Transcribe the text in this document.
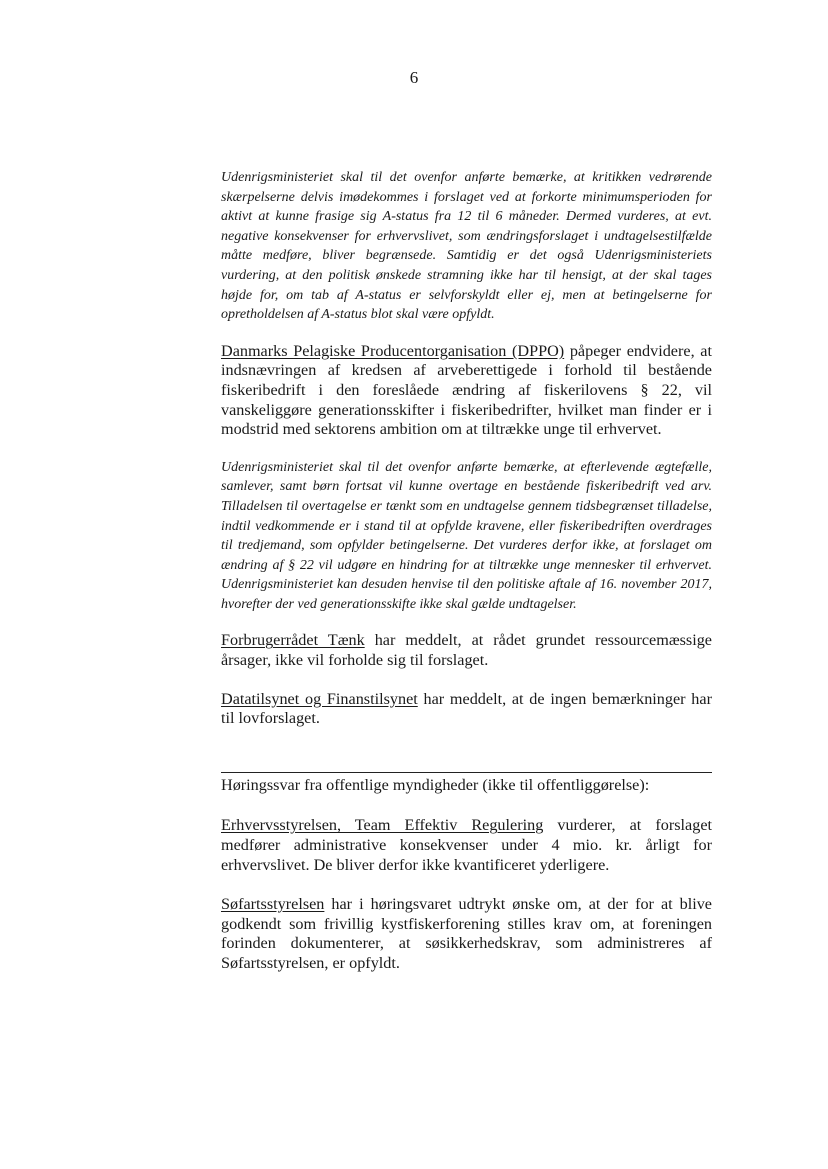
6

Udenrigsministeriet skal til det ovenfor anførte bemærke, at kritikken vedrørende skærpelserne delvis imødekommes i forslaget ved at forkorte minimumsperioden for aktivt at kunne frasige sig A-status fra 12 til 6 måneder. Dermed vurderes, at evt. negative konsekvenser for erhvervslivet, som ændringsforslaget i undtagelsestilfælde måtte medføre, bliver begrænsede. Samtidig er det også Udenrigsministeriets vurdering, at den politisk ønskede stramning ikke har til hensigt, at der skal tages højde for, om tab af A-status er selvforskyldt eller ej, men at betingelserne for opretholdelsen af A-status blot skal være opfyldt.

Danmarks Pelagiske Producentorganisation (DPPO) påpeger endvidere, at indsnævringen af kredsen af arveberettigede i forhold til bestående fiskeribedrift i den foreslåede ændring af fiskerilovens § 22, vil vanskeliggøre generationsskifter i fiskeribedrifter, hvilket man finder er i modstrid med sektorens ambition om at tiltrække unge til erhvervet.

Udenrigsministeriet skal til det ovenfor anførte bemærke, at efterlevende ægtefælle, samlever, samt børn fortsat vil kunne overtage en bestående fiskeribedrift ved arv. Tilladelsen til overtagelse er tænkt som en undtagelse gennem tidsbegrænset tilladelse, indtil vedkommende er i stand til at opfylde kravene, eller fiskeribedriften overdrages til tredjemand, som opfylder betingelserne. Det vurderes derfor ikke, at forslaget om ændring af § 22 vil udgøre en hindring for at tiltrække unge mennesker til erhvervet. Udenrigsministeriet kan desuden henvise til den politiske aftale af 16. november 2017, hvorefter der ved generationsskifte ikke skal gælde undtagelser.

Forbrugerrådet Tænk har meddelt, at rådet grundet ressourcemæssige årsager, ikke vil forholde sig til forslaget.

Datatilsynet og Finanstilsynet har meddelt, at de ingen bemærkninger har til lovforslaget.

Høringssvar fra offentlige myndigheder (ikke til offentliggørelse):

Erhvervsstyrelsen, Team Effektiv Regulering vurderer, at forslaget medfører administrative konsekvenser under 4 mio. kr. årligt for erhvervslivet. De bliver derfor ikke kvantificeret yderligere.

Søfartsstyrelsen har i høringsvaret udtrykt ønske om, at der for at blive godkendt som frivillig kystfiskerforening stilles krav om, at foreningen forinden dokumenterer, at søsikkerhedskrav, som administreres af Søfartsstyrelsen, er opfyldt.
